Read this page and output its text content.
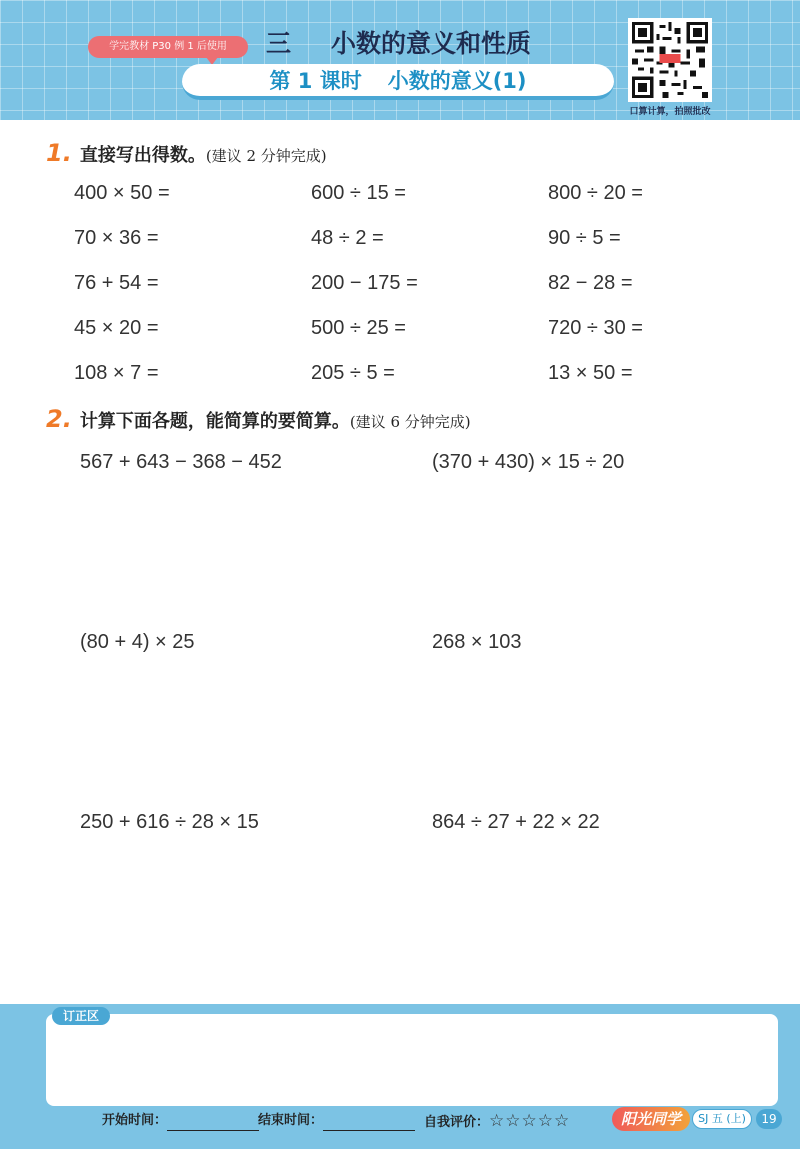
学完教材 P30 例 1 后使用	三 小数的意义和性质
第 1 课时 小数的意义(1)
口算计算，拍照批改
1. 直接写出得数。(建议 2 分钟完成)
400 × 50 =	600 ÷ 15 =	800 ÷ 20 =
70 × 36 =	48 ÷ 2 =	90 ÷ 5 =
76 + 54 =	200 − 175 =	82 − 28 =
45 × 20 =	500 ÷ 25 =	720 ÷ 30 =
108 × 7 =	205 ÷ 5 =	13 × 50 =
2. 计算下面各题，能简算的要简算。(建议 6 分钟完成)
567 + 643 − 368 − 452	(370 + 430) × 15 ÷ 20
(80 + 4) × 25	268 × 103
250 + 616 ÷ 28 × 15	864 ÷ 27 + 22 × 22
订正区
开始时间：	结束时间：	自我评价：☆☆☆☆☆	阳光同学	SJ 五 (上)	19
